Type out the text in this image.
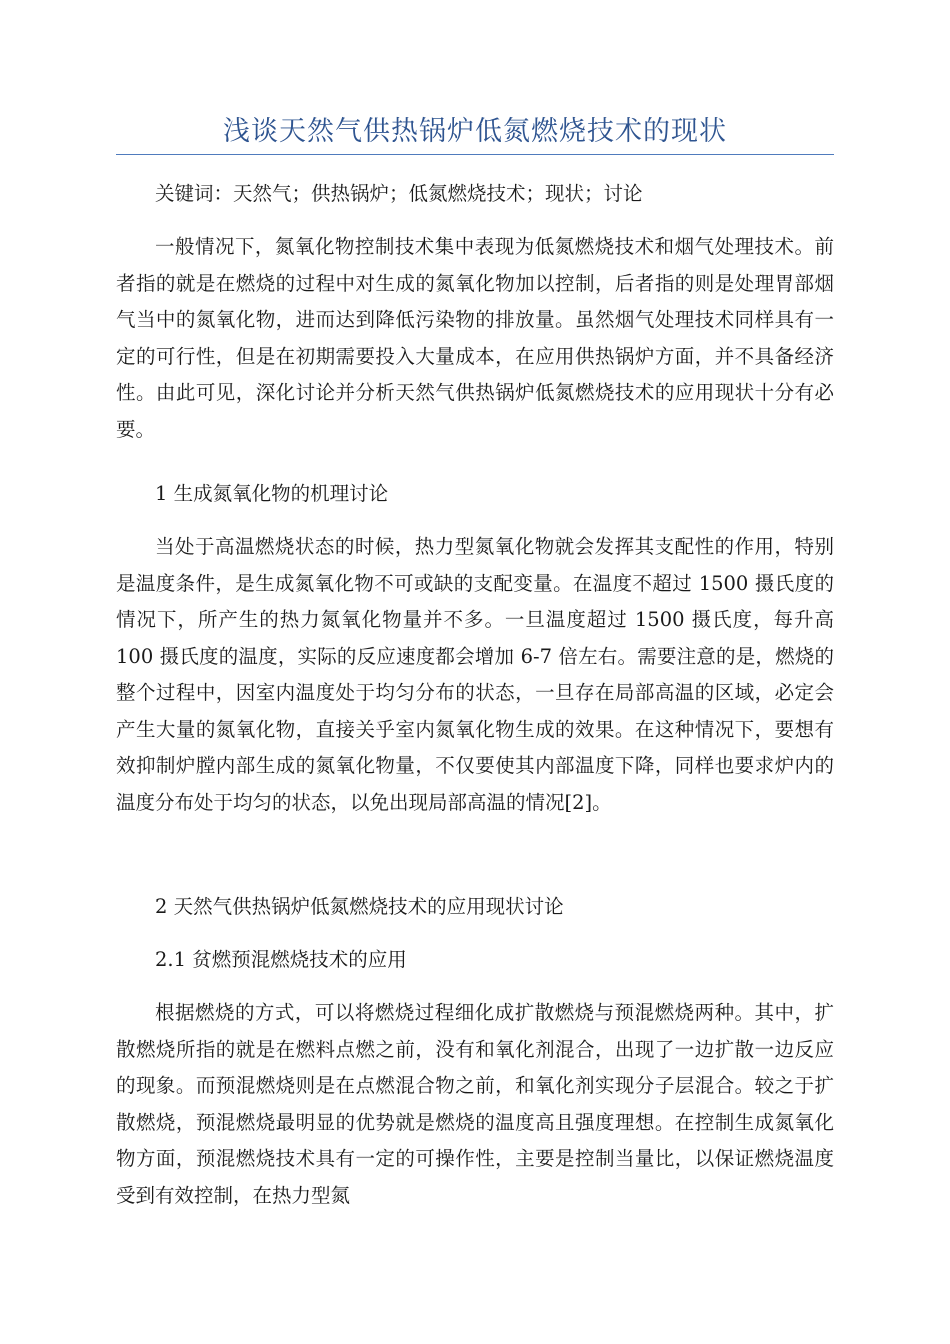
浅谈天然气供热锅炉低氮燃烧技术的现状

关键词：天然气；供热锅炉；低氮燃烧技术；现状；讨论

一般情况下，氮氧化物控制技术集中表现为低氮燃烧技术和烟气处理技术。前者指的就是在燃烧的过程中对生成的氮氧化物加以控制，后者指的则是处理胃部烟气当中的氮氧化物，进而达到降低污染物的排放量。虽然烟气处理技术同样具有一定的可行性，但是在初期需要投入大量成本，在应用供热锅炉方面，并不具备经济性。由此可见，深化讨论并分析天然气供热锅炉低氮燃烧技术的应用现状十分有必要。

1 生成氮氧化物的机理讨论

当处于高温燃烧状态的时候，热力型氮氧化物就会发挥其支配性的作用，特别是温度条件，是生成氮氧化物不可或缺的支配变量。在温度不超过 1500 摄氏度的情况下，所产生的热力氮氧化物量并不多。一旦温度超过 1500 摄氏度，每升高 100 摄氏度的温度，实际的反应速度都会增加 6-7 倍左右。需要注意的是，燃烧的整个过程中，因室内温度处于均匀分布的状态，一旦存在局部高温的区域，必定会产生大量的氮氧化物，直接关乎室内氮氧化物生成的效果。在这种情况下，要想有效抑制炉膛内部生成的氮氧化物量，不仅要使其内部温度下降，同样也要求炉内的温度分布处于均匀的状态，以免出现局部高温的情况[2]。

2 天然气供热锅炉低氮燃烧技术的应用现状讨论

2.1 贫燃预混燃烧技术的应用

根据燃烧的方式，可以将燃烧过程细化成扩散燃烧与预混燃烧两种。其中，扩散燃烧所指的就是在燃料点燃之前，没有和氧化剂混合，出现了一边扩散一边反应的现象。而预混燃烧则是在点燃混合物之前，和氧化剂实现分子层混合。较之于扩散燃烧，预混燃烧最明显的优势就是燃烧的温度高且强度理想。在控制生成氮氧化物方面，预混燃烧技术具有一定的可操作性，主要是控制当量比，以保证燃烧温度受到有效控制，在热力型氮
